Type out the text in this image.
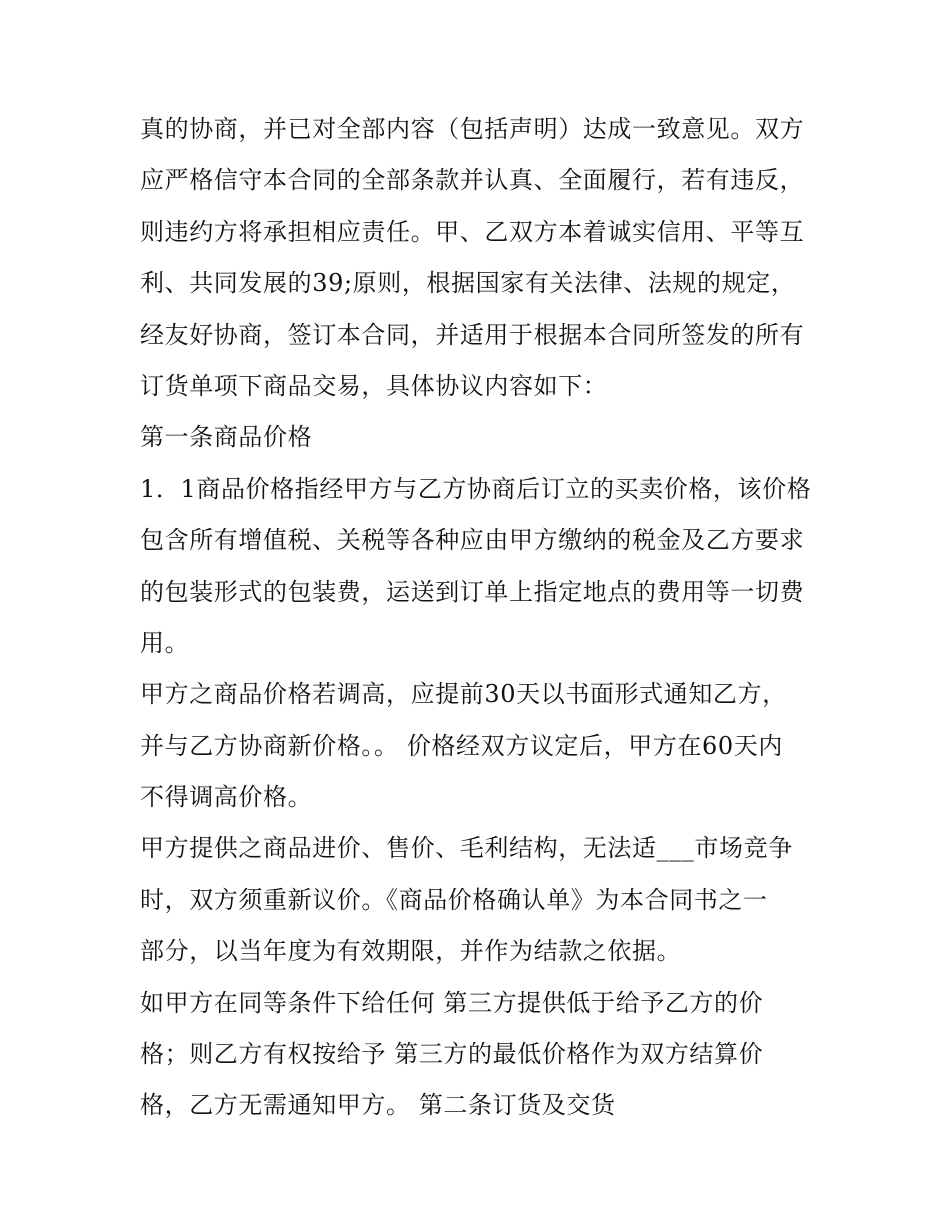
真的协商，并已对全部内容（包括声明）达成一致意见。双方
应严格信守本合同的全部条款并认真、全面履行，若有违反，
则违约方将承担相应责任。甲、乙双方本着诚实信用、平等互
利、共同发展的39;原则，根据国家有关法律、法规的规定，
经友好协商，签订本合同，并适用于根据本合同所签发的所有
订货单项下商品交易，具体协议内容如下：
第一条商品价格
1．1商品价格指经甲方与乙方协商后订立的买卖价格，该价格
包含所有增值税、关税等各种应由甲方缴纳的税金及乙方要求
的包装形式的包装费，运送到订单上指定地点的费用等一切费
用。
甲方之商品价格若调高，应提前30天以书面形式通知乙方，
并与乙方协商新价格。。 价格经双方议定后，甲方在60天内
不得调高价格。
甲方提供之商品进价、售价、毛利结构，无法适___市场竞争
时，双方须重新议价。《商品价格确认单》为本合同书之一
部分，以当年度为有效期限，并作为结款之依据。
如甲方在同等条件下给任何 第三方提供低于给予乙方的价
格；则乙方有权按给予 第三方的最低价格作为双方结算价
格，乙方无需通知甲方。 第二条订货及交货
